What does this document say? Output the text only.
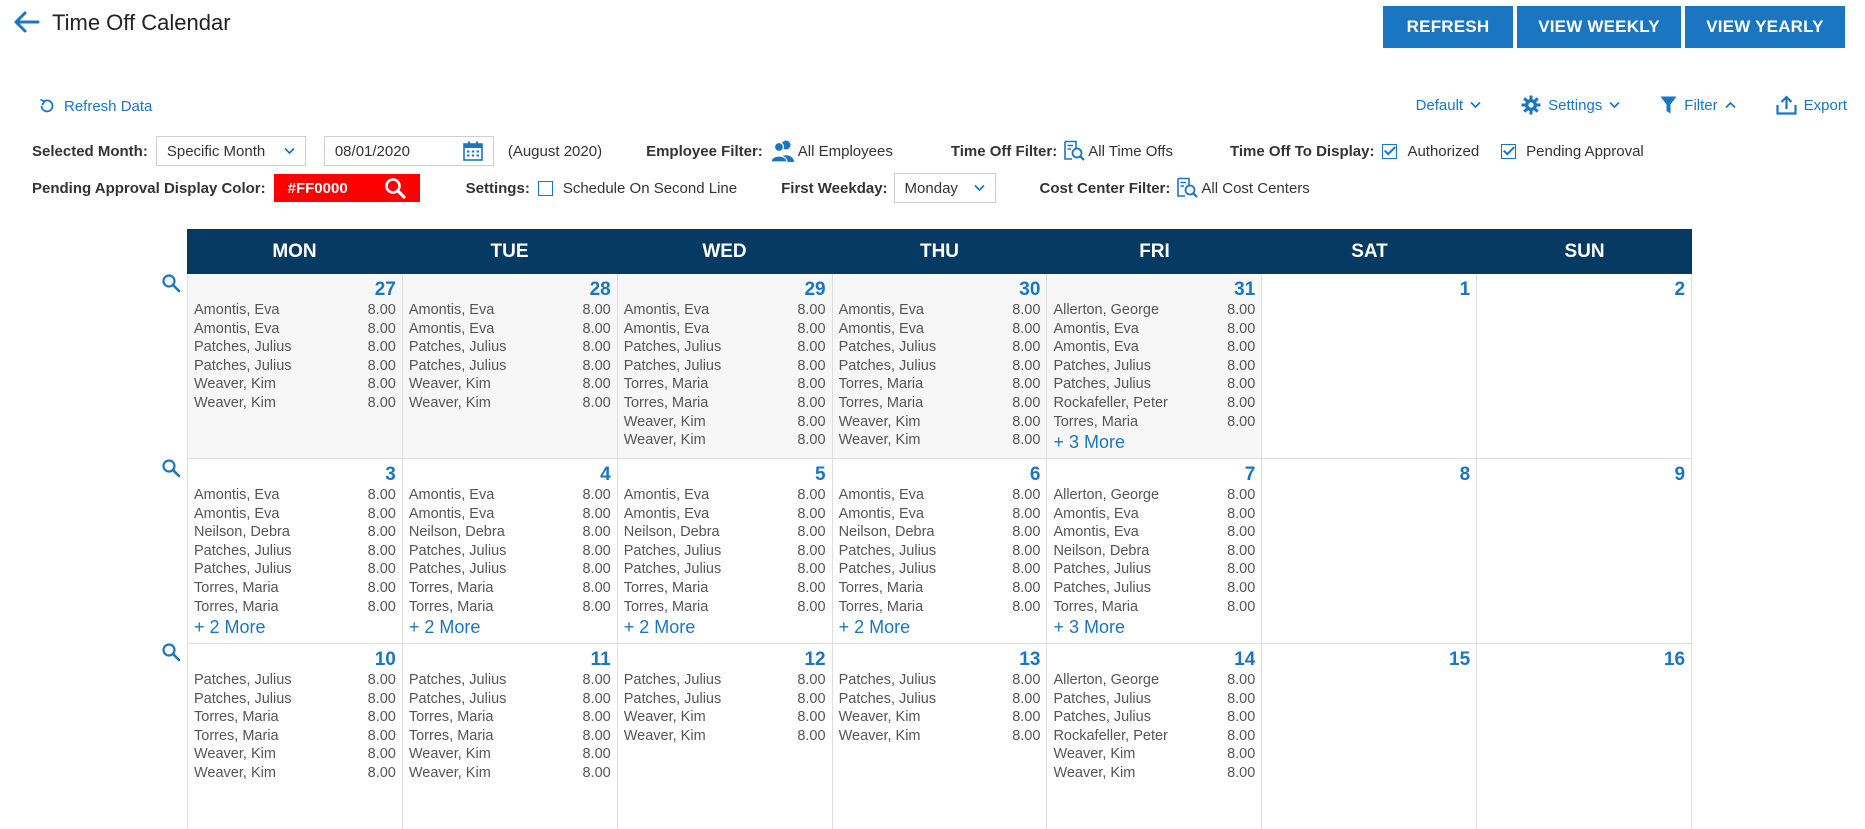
Time Off Calendar	REFRESH	VIEW WEEKLY	VIEW YEARLY
Refresh Data	Default	Settings	Filter	Export
Selected Month: Specific Month	08/01/2020	(August 2020)	Employee Filter: All Employees	Time Off Filter: All Time Offs	Time Off To Display: Authorized	Pending Approval
Pending Approval Display Color: #FF0000	Settings: Schedule On Second Line	First Weekday: Monday	Cost Center Filter: All Cost Centers
MON	TUE	WED	THU	FRI	SAT	SUN
27
Amontis, Eva	8.00
Amontis, Eva	8.00
Patches, Julius	8.00
Patches, Julius	8.00
Weaver, Kim	8.00
Weaver, Kim	8.00
28
Amontis, Eva	8.00
Amontis, Eva	8.00
Patches, Julius	8.00
Patches, Julius	8.00
Weaver, Kim	8.00
Weaver, Kim	8.00
29
Amontis, Eva	8.00
Amontis, Eva	8.00
Patches, Julius	8.00
Patches, Julius	8.00
Torres, Maria	8.00
Torres, Maria	8.00
Weaver, Kim	8.00
Weaver, Kim	8.00
30
Amontis, Eva	8.00
Amontis, Eva	8.00
Patches, Julius	8.00
Patches, Julius	8.00
Torres, Maria	8.00
Torres, Maria	8.00
Weaver, Kim	8.00
Weaver, Kim	8.00
31
Allerton, George	8.00
Amontis, Eva	8.00
Amontis, Eva	8.00
Patches, Julius	8.00
Patches, Julius	8.00
Rockafeller, Peter	8.00
Torres, Maria	8.00
+ 3 More
1	2
3
Amontis, Eva	8.00
Amontis, Eva	8.00
Neilson, Debra	8.00
Patches, Julius	8.00
Patches, Julius	8.00
Torres, Maria	8.00
Torres, Maria	8.00
+ 2 More
4
Amontis, Eva	8.00
Amontis, Eva	8.00
Neilson, Debra	8.00
Patches, Julius	8.00
Patches, Julius	8.00
Torres, Maria	8.00
Torres, Maria	8.00
+ 2 More
5
Amontis, Eva	8.00
Amontis, Eva	8.00
Neilson, Debra	8.00
Patches, Julius	8.00
Patches, Julius	8.00
Torres, Maria	8.00
Torres, Maria	8.00
+ 2 More
6
Amontis, Eva	8.00
Amontis, Eva	8.00
Neilson, Debra	8.00
Patches, Julius	8.00
Patches, Julius	8.00
Torres, Maria	8.00
Torres, Maria	8.00
+ 2 More
7
Allerton, George	8.00
Amontis, Eva	8.00
Amontis, Eva	8.00
Neilson, Debra	8.00
Patches, Julius	8.00
Patches, Julius	8.00
Torres, Maria	8.00
+ 3 More
8	9
10
Patches, Julius	8.00
Patches, Julius	8.00
Torres, Maria	8.00
Torres, Maria	8.00
Weaver, Kim	8.00
Weaver, Kim	8.00
11
Patches, Julius	8.00
Patches, Julius	8.00
Torres, Maria	8.00
Torres, Maria	8.00
Weaver, Kim	8.00
Weaver, Kim	8.00
12
Patches, Julius	8.00
Patches, Julius	8.00
Weaver, Kim	8.00
Weaver, Kim	8.00
13
Patches, Julius	8.00
Patches, Julius	8.00
Weaver, Kim	8.00
Weaver, Kim	8.00
14
Allerton, George	8.00
Patches, Julius	8.00
Patches, Julius	8.00
Rockafeller, Peter	8.00
Weaver, Kim	8.00
Weaver, Kim	8.00
15	16
